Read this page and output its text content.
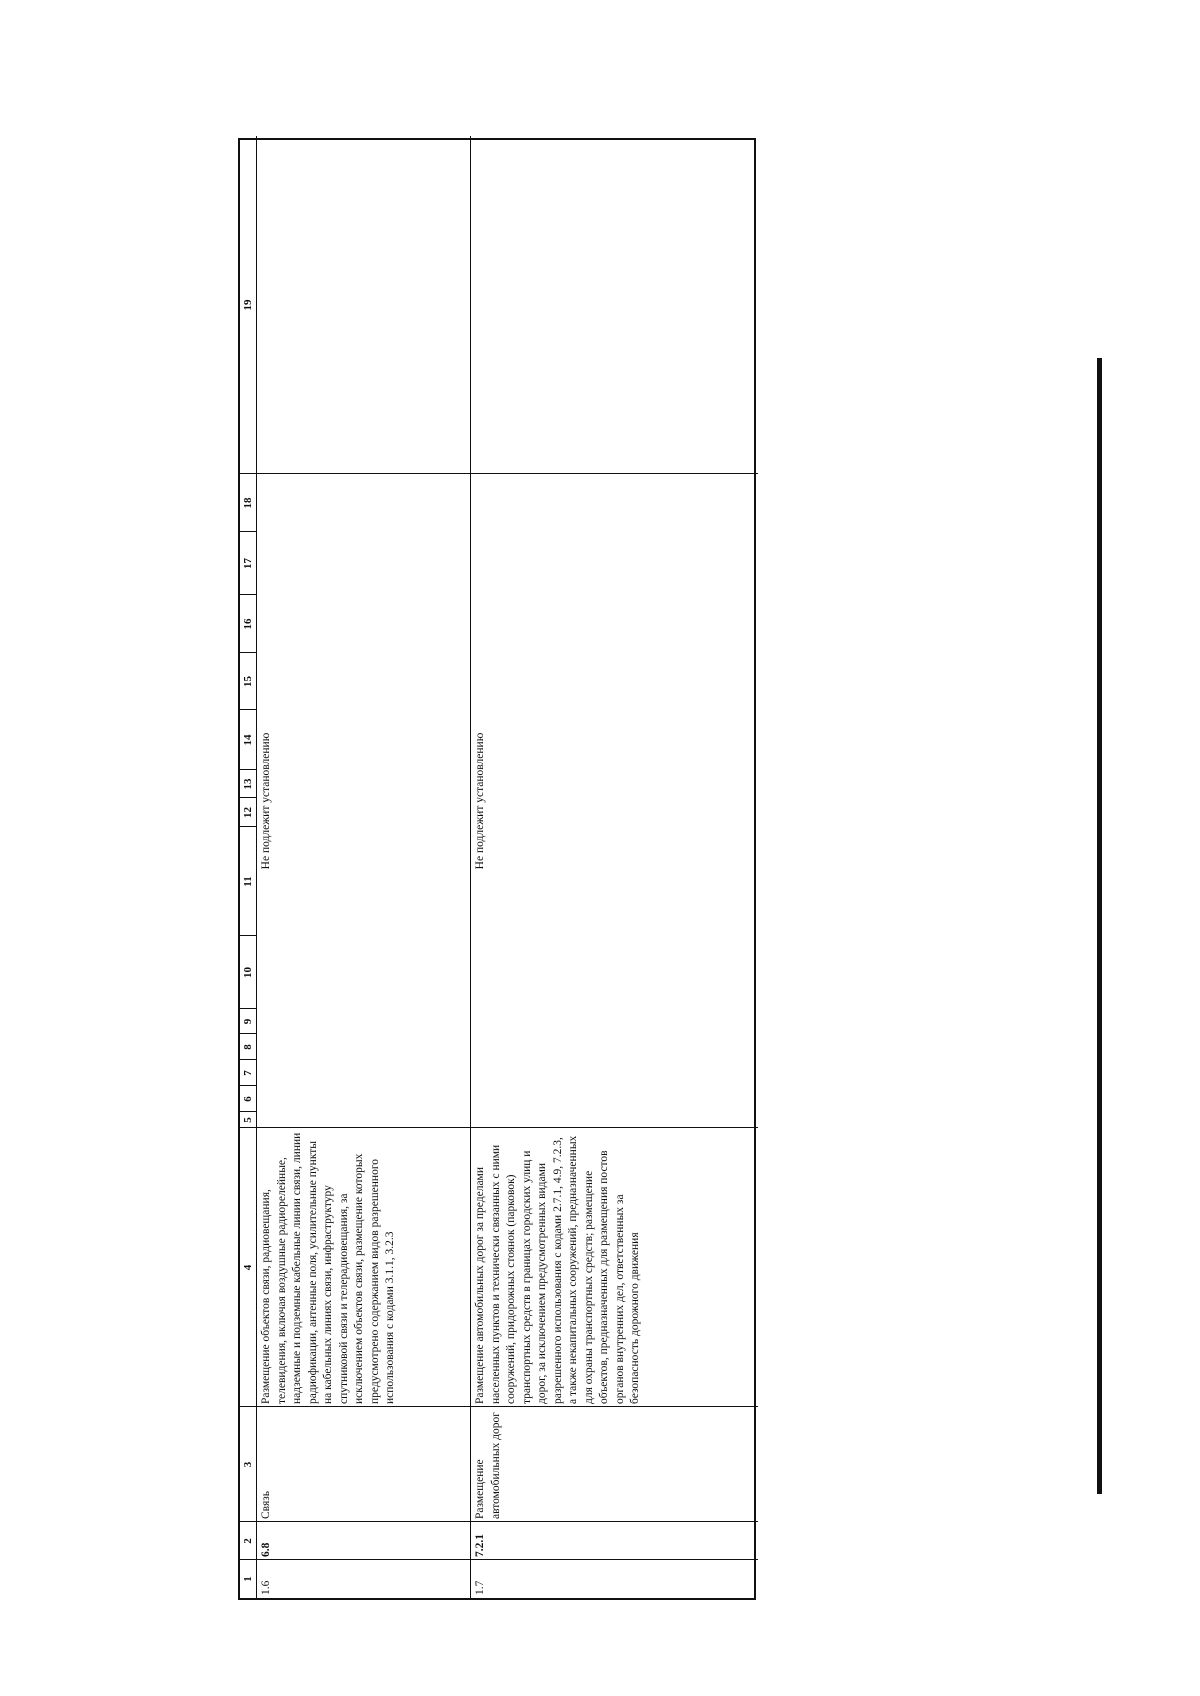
1
2
3
4
5
6
7
8
9
10
11
12
13
14
15
16
17
18
19
1.6
6.8
Связь
Размещение объектов связи, радиовещания, телевидения, включая воздушные радиорелейные, надземные и подземные кабельные линии связи, линии радиофикации, антенные поля, усилительные пункты на кабельных линиях связи, инфраструктуру спутниковой связи и телерадиовещания, за исключением объектов связи, размещение которых предусмотрено содержанием видов разрешенного использования с кодами 3.1.1, 3.2.3
Не подлежит установлению
1.7
7.2.1
Размещение автомобильных дорог
Размещение автомобильных дорог за пределами населенных пунктов и технически связанных с ними сооружений, придорожных стоянок (парковок) транспортных средств в границах городских улиц и дорог, за исключением предусмотренных видами разрешенного использования с кодами 2.7.1, 4.9, 7.2.3, а также некапитальных сооружений, предназначенных для охраны транспортных средств; размещение объектов, предназначенных для размещения постов органов внутренних дел, ответственных за безопасность дорожного движения
Не подлежит установлению
